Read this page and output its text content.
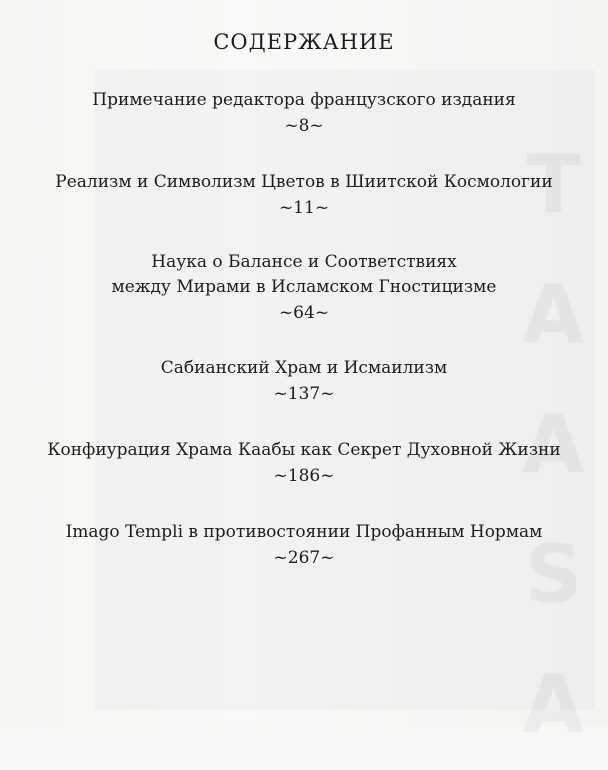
Т
A
A
S
A
СОДЕРЖАНИЕ
Примечание редактора французского издания
~8~
Реализм и Символизм Цветов в Шиитской Космологии
~11~
Наука о Балансе и Соответствиях
между Мирами в Исламском Гностицизме
~64~
Сабианский Храм и Исмаилизм
~137~
Конфиурация Храма Каабы как Секрет Духовной Жизни
~186~
Imago Templi в противостоянии Профанным Нормам
~267~
